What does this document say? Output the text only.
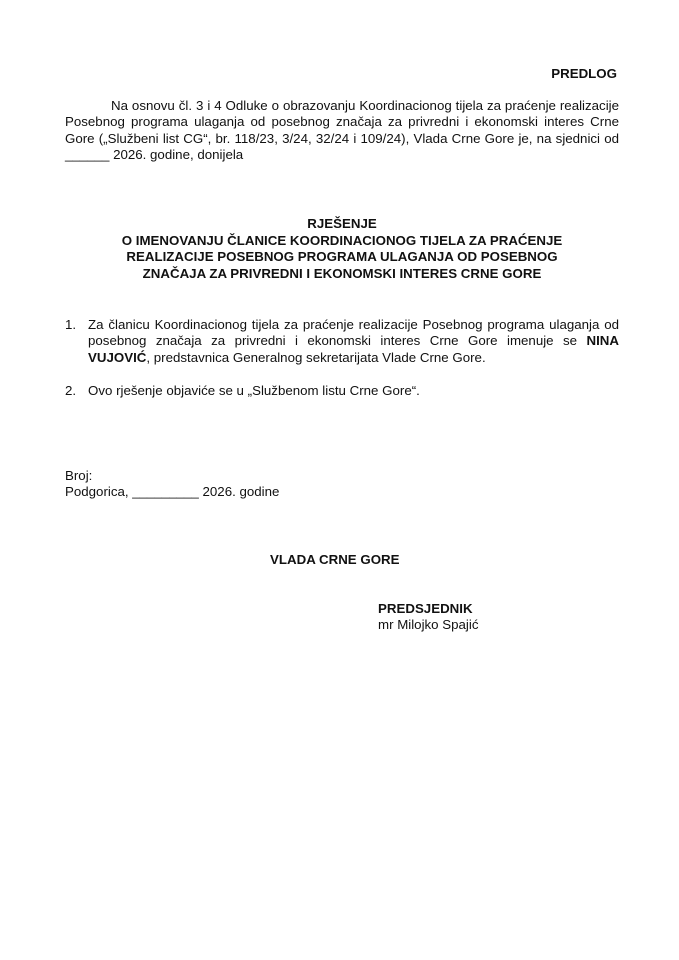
PREDLOG
Na osnovu čl. 3 i 4 Odluke o obrazovanju Koordinacionog tijela za praćenje realizacije Posebnog programa ulaganja od posebnog značaja za privredni i ekonomski interes Crne Gore („Službeni list CG“, br. 118/23, 3/24, 32/24 i 109/24), Vlada Crne Gore je, na sjednici od ______ 2026. godine, donijela
RJEŠENJE
O IMENOVANJU ČLANICE KOORDINACIONOG TIJELA ZA PRAĆENJE
REALIZACIJE POSEBNOG PROGRAMA ULAGANJA OD POSEBNOG
ZNAČAJA ZA PRIVREDNI I EKONOMSKI INTERES CRNE GORE
1. Za članicu Koordinacionog tijela za praćenje realizacije Posebnog programa ulaganja od posebnog značaja za privredni i ekonomski interes Crne Gore imenuje se NINA VUJOVIĆ, predstavnica Generalnog sekretarijata Vlade Crne Gore.
2. Ovo rješenje objaviće se u „Službenom listu Crne Gore“.
Broj:
Podgorica, _________ 2026. godine
VLADA CRNE GORE
PREDSJEDNIK
mr Milojko Spajić
